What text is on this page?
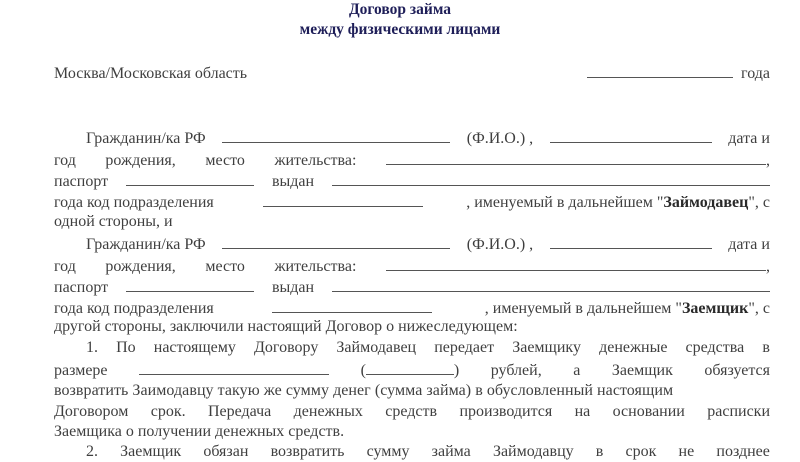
Договор займа
между физическими лицами
Москва/Московская область	года
Гражданин/ка РФ	(Ф.И.О.) ,	дата и
год рождения, место жительства:	,
паспорт	выдан
года код подразделения	, именуемый в дальнейшем "Займодавец", с
одной стороны, и
Гражданин/ка РФ	(Ф.И.О.) ,	дата и
год рождения, место жительства:	,
паспорт	выдан
года код подразделения	, именуемый в дальнейшем "Заемщик", с
другой стороны, заключили настоящий Договор о нижеследующем:
1. По настоящему Договору Займодавец передает Заемщику денежные средства в
размере	(	) рублей, а Заемщик обязуется
возвратить Заимодавцу такую же сумму денег (сумма займа) в обусловленный настоящим
Договором срок. Передача денежных средств производится на основании расписки
Заемщика о получении денежных средств.
2. Заемщик обязан возвратить сумму займа Займодавцу в срок не позднее
